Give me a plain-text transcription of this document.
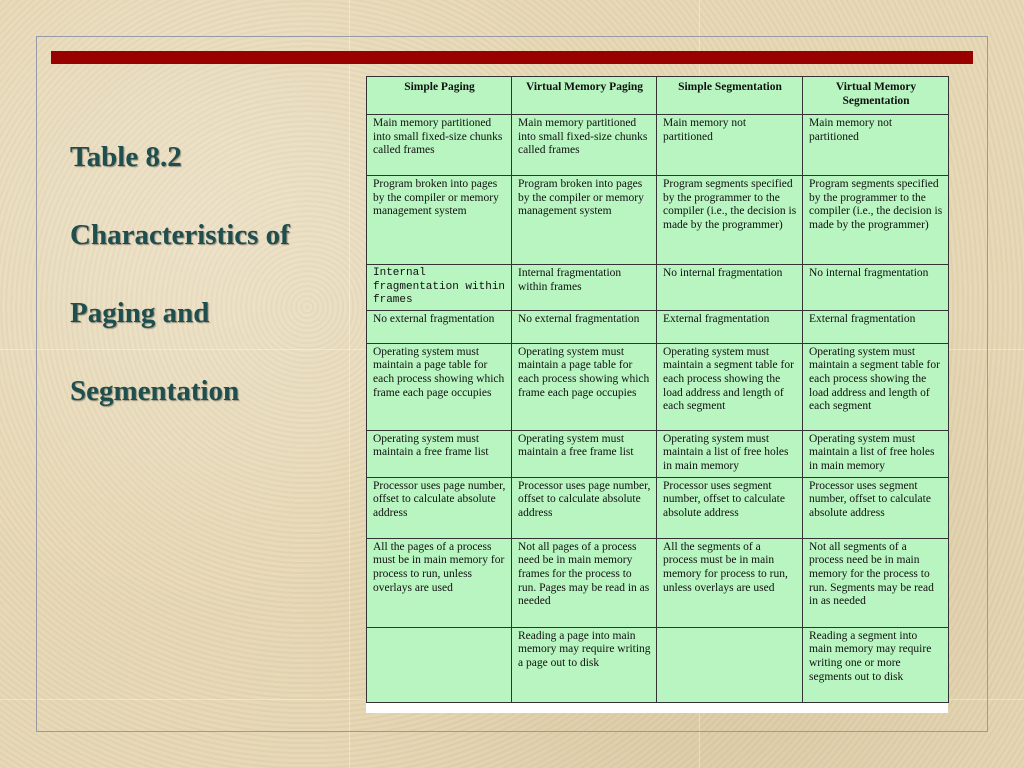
Table 8.2
Characteristics of
Paging and
Segmentation
Simple Paging	Virtual Memory Paging	Simple Segmentation	Virtual Memory Segmentation
Main memory partitioned into small fixed-size chunks called frames	Main memory partitioned into small fixed-size chunks called frames	Main memory not partitioned	Main memory not partitioned
Program broken into pages by the compiler or memory management system	Program broken into pages by the compiler or memory management system	Program segments specified by the programmer to the compiler (i.e., the decision is made by the programmer)	Program segments specified by the programmer to the compiler (i.e., the decision is made by the programmer)
Internal fragmentation within frames	Internal fragmentation within frames	No internal fragmentation	No internal fragmentation
No external fragmentation	No external fragmentation	External fragmentation	External fragmentation
Operating system must maintain a page table for each process showing which frame each page occupies	Operating system must maintain a page table for each process showing which frame each page occupies	Operating system must maintain a segment table for each process showing the load address and length of each segment	Operating system must maintain a segment table for each process showing the load address and length of each segment
Operating system must maintain a free frame list	Operating system must maintain a free frame list	Operating system must maintain a list of free holes in main memory	Operating system must maintain a list of free holes in main memory
Processor uses page number, offset to calculate absolute address	Processor uses page number, offset to calculate absolute address	Processor uses segment number, offset to calculate absolute address	Processor uses segment number, offset to calculate absolute address
All the pages of a process must be in main memory for process to run, unless overlays are used	Not all pages of a process need be in main memory frames for the process to run. Pages may be read in as needed	All the segments of a process must be in main memory for process to run, unless overlays are used	Not all segments of a process need be in main memory for the process to run. Segments may be read in as needed
	Reading a page into main memory may require writing a page out to disk		Reading a segment into main memory may require writing one or more segments out to disk
